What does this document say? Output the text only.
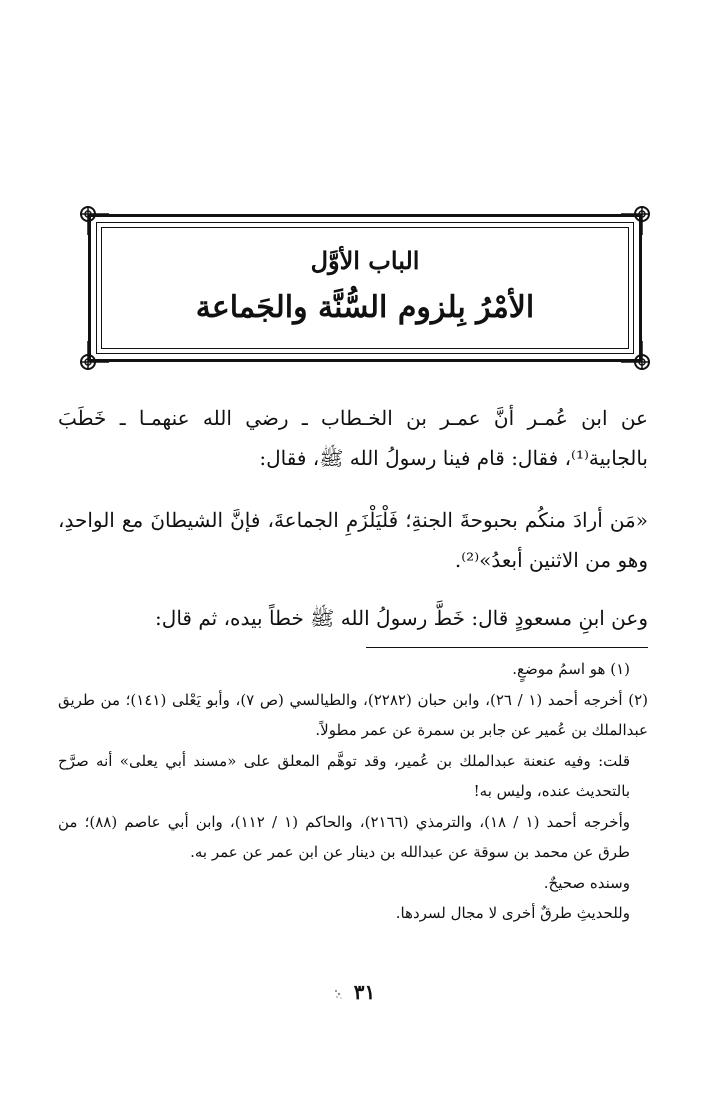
الباب الأوَّل
الأمْرُ بِلزوم السُّنَّة والجَماعة

عن ابن عُمـر أنَّ عمـر بن الخـطاب ـ رضي الله عنهمـا ـ خَطَبَ بالجابية⁽¹⁾، فقال: قام فينا رسولُ الله ﷺ، فقال:

«مَن أرادَ منكُم بحبوحةَ الجنةِ؛ فَلْيَلْزَمِ الجماعةَ، فإنَّ الشيطانَ مع الواحدِ، وهو من الاثنين أبعدُ»⁽²⁾.

وعن ابنِ مسعودٍ قال: خَطَّ رسولُ الله ﷺ خطاً بيده، ثم قال:

(١) هو اسمُ موضعٍ.

(٢) أخرجه أحمد (١ / ٢٦)، وابن حبان (٢٢٨٢)، والطيالسي (ص ٧)، وأبو يَعْلى (١٤١)؛ من طريق عبدالملك بن عُمير عن جابر بن سمرة عن عمر مطولاً.

قلت: وفيه عنعنة عبدالملك بن عُمير، وقد توهَّم المعلق على «مسند أبي يعلى» أنه صرَّح بالتحديث عنده، وليس به!

وأخرجه أحمد (١ / ١٨)، والترمذي (٢١٦٦)، والحاكم (١ / ١١٢)، وابن أبي عاصم (٨٨)؛ من طرق عن محمد بن سوقة عن عبدالله بن دينار عن ابن عمر عن عمر به.

وسنده صحيحٌ.

وللحديثِ طرقٌ أخرى لا مجال لسردها.

٣١
